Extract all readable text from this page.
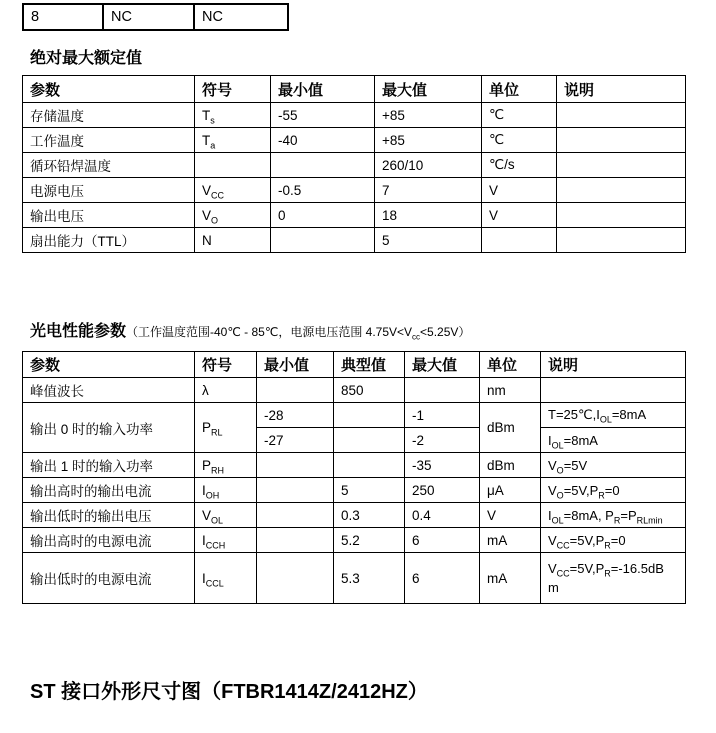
8	NC	NC
绝对最大额定值
参数	符号	最小值	最大值	单位	说明
存储温度	$T_s$	-55	+85	℃	
工作温度	$T_a$	-40	+85	℃	
循环铅焊温度			260/10	℃/s	
电源电压	$V_{CC}$	-0.5	7	V	
输出电压	$V_O$	0	18	V	
扇出能力（TTL）	N		5		
光电性能参数（工作温度范围-40℃ - 85℃，电源电压范围 $4.75V<V_{cc}<5.25V$）
参数	符号	最小值	典型值	最大值	单位	说明
峰值波长	λ		850		nm	
输出 0 时的输入功率	$P_{RL}$	-28		-1	dBm	$T=25℃,I_{OL}=8mA$
		-27		-2		$I_{OL}=8mA$
输出 1 时的输入功率	$P_{RH}$			-35	dBm	$V_O=5V$
输出高时的输出电流	$I_{OH}$		5	250	μA	$V_O=5V,P_R=0$
输出低时的输出电压	$V_{OL}$		0.3	0.4	V	$I_{OL}=8mA$, $P_R=P_{RLmin}$
输出高时的电源电流	$I_{CCH}$		5.2	6	mA	$V_{CC}=5V,P_R=0$
输出低时的电源电流	$I_{CCL}$		5.3	6	mA	$V_{CC}=5V,P_R=-16.5dBm$
ST 接口外形尺寸图（FTBR1414Z/2412HZ）
